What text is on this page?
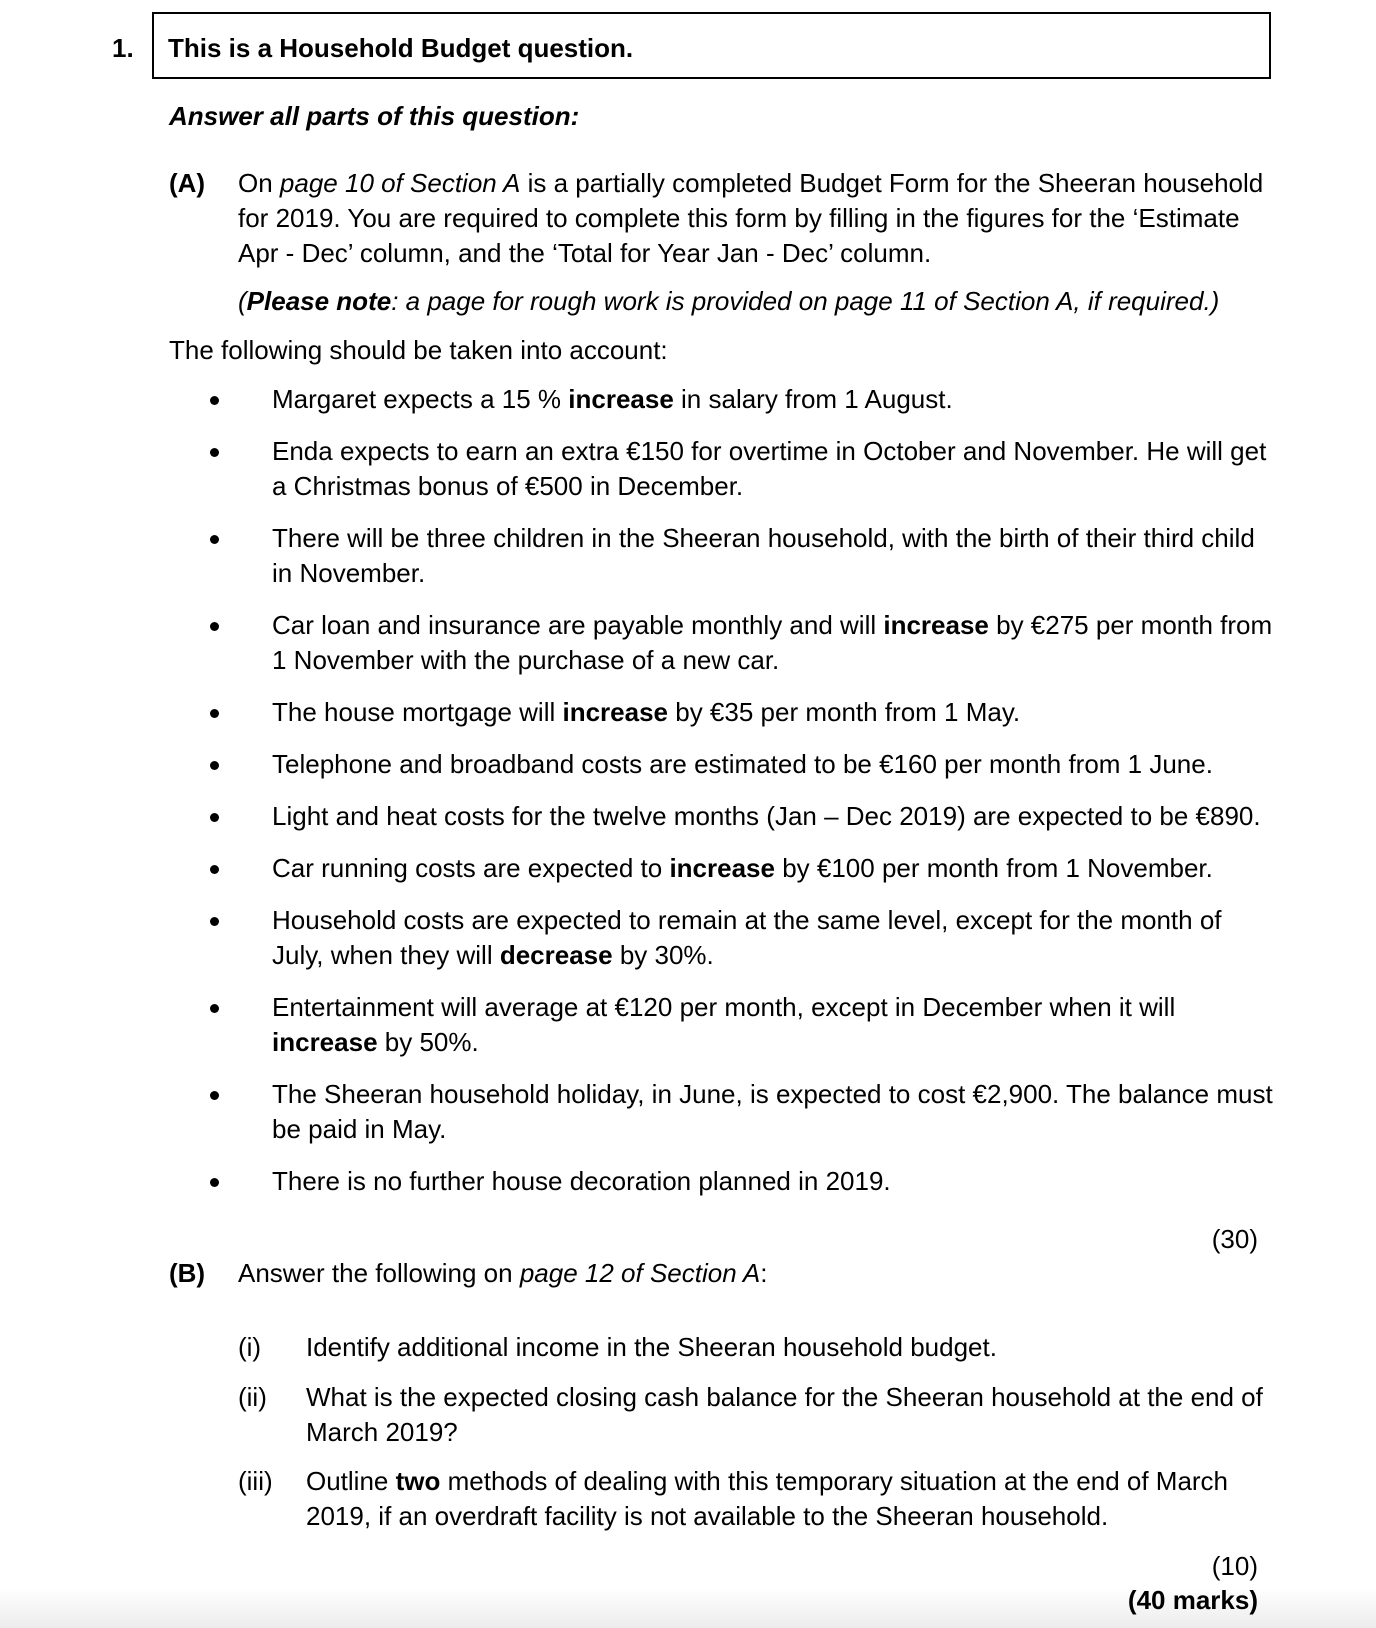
1. This is a Household Budget question.
Answer all parts of this question:
(A) On page 10 of Section A is a partially completed Budget Form for the Sheeran household for 2019. You are required to complete this form by filling in the figures for the ‘Estimate Apr - Dec’ column, and the ‘Total for Year Jan - Dec’ column.
(Please note: a page for rough work is provided on page 11 of Section A, if required.)
The following should be taken into account:
Margaret expects a 15 % increase in salary from 1 August.
Enda expects to earn an extra €150 for overtime in October and November. He will get a Christmas bonus of €500 in December.
There will be three children in the Sheeran household, with the birth of their third child in November.
Car loan and insurance are payable monthly and will increase by €275 per month from 1 November with the purchase of a new car.
The house mortgage will increase by €35 per month from 1 May.
Telephone and broadband costs are estimated to be €160 per month from 1 June.
Light and heat costs for the twelve months (Jan – Dec 2019) are expected to be €890.
Car running costs are expected to increase by €100 per month from 1 November.
Household costs are expected to remain at the same level, except for the month of July, when they will decrease by 30%.
Entertainment will average at €120 per month, except in December when it will increase by 50%.
The Sheeran household holiday, in June, is expected to cost €2,900. The balance must be paid in May.
There is no further house decoration planned in 2019.
(30)
(B) Answer the following on page 12 of Section A:
(i) Identify additional income in the Sheeran household budget.
(ii) What is the expected closing cash balance for the Sheeran household at the end of March 2019?
(iii) Outline two methods of dealing with this temporary situation at the end of March 2019, if an overdraft facility is not available to the Sheeran household.
(10)
(40 marks)
